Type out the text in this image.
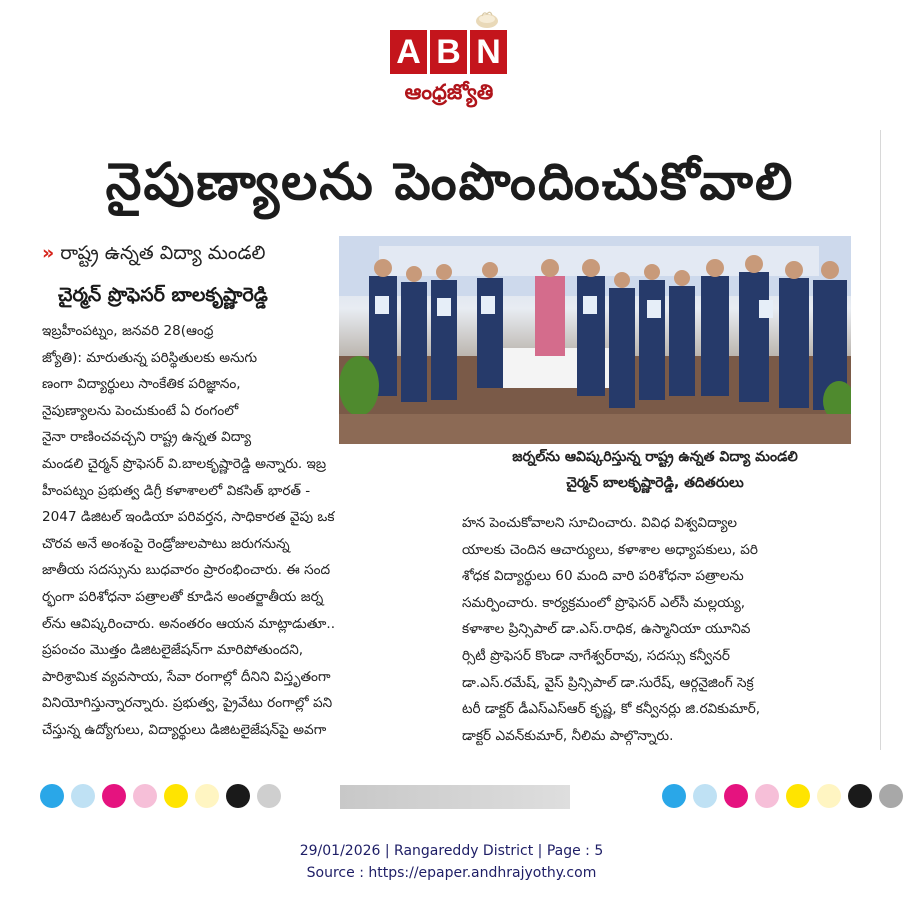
A B N
ఆంధ్రజ్యోతి
నైపుణ్యాలను పెంపొందించుకోవాలి
» రాష్ట్ర ఉన్నత విద్యా మండలి
చైర్మన్ ప్రొఫెసర్ బాలకృష్ణారెడ్డి
జర్నల్‌ను ఆవిష్కరిస్తున్న రాష్ట్ర ఉన్నత విద్యా మండలి
చైర్మన్ బాలకృష్ణారెడ్డి, తదితరులు
ఇబ్రహీంపట్నం, జనవరి 28(ఆంధ్ర
జ్యోతి): మారుతున్న పరిస్థితులకు అనుగు
ణంగా విద్యార్థులు సాంకేతిక పరిజ్ఞానం,
నైపుణ్యాలను పెంచుకుంటే ఏ రంగంలో
నైనా రాణించవచ్చని రాష్ట్ర ఉన్నత విద్యా
మండలి చైర్మన్ ప్రొఫెసర్ వి.బాలకృష్ణారెడ్డి అన్నారు. ఇబ్ర
హీంపట్నం ప్రభుత్వ డిగ్రీ కళాశాలలో వికసిత్ భారత్ -
2047 డిజిటల్ ఇండియా పరివర్తన, సాధికారత వైపు ఒక
చొరవ అనే అంశంపై రెండ్రోజులపాటు జరుగనున్న
జాతీయ సదస్సును బుధవారం ప్రారంభించారు. ఈ సంద
ర్భంగా పరిశోధనా పత్రాలతో కూడిన అంతర్జాతీయ జర్న
ల్‌ను ఆవిష్కరించారు. అనంతరం ఆయన మాట్లాడుతూ..
ప్రపంచం మొత్తం డిజిటలైజేషన్‌గా మారిపోతుందని,
పారిశ్రామిక వ్యవసాయ, సేవా రంగాల్లో దీనిని విస్తృతంగా
వినియోగిస్తున్నారన్నారు. ప్రభుత్వ, ప్రైవేటు రంగాల్లో పని
చేస్తున్న ఉద్యోగులు, విద్యార్థులు డిజిటలైజేషన్‌పై అవగా
హన పెంచుకోవాలని సూచించారు. వివిధ విశ్వవిద్యాల
యాలకు చెందిన ఆచార్యులు, కళాశాల అధ్యాపకులు, పరి
శోధక విద్యార్థులు 60 మంది వారి పరిశోధనా పత్రాలను
సమర్పించారు. కార్యక్రమంలో ప్రొఫెసర్ ఎల్‌సీ మల్లయ్య,
కళాశాల ప్రిన్సిపాల్ డా.ఎస్.రాధిక, ఉస్మానియా యూనివ
ర్సిటీ ప్రొఫెసర్ కొండా నాగేశ్వర్‌రావు, సదస్సు కన్వీనర్
డా.ఎస్.రమేష్, వైస్ ప్రిన్సిపాల్ డా.సురేష్, ఆర్గనైజింగ్ సెక్ర
టరీ డాక్టర్ డీఎస్ఎస్ఆర్ కృష్ణ, కో కన్వీనర్లు జి.రవికుమార్,
డాక్టర్ ఎవన్‌కుమార్, నీలిమ పాల్గొన్నారు.
29/01/2026 | Rangareddy District | Page : 5
Source : https://epaper.andhrajyothy.com
